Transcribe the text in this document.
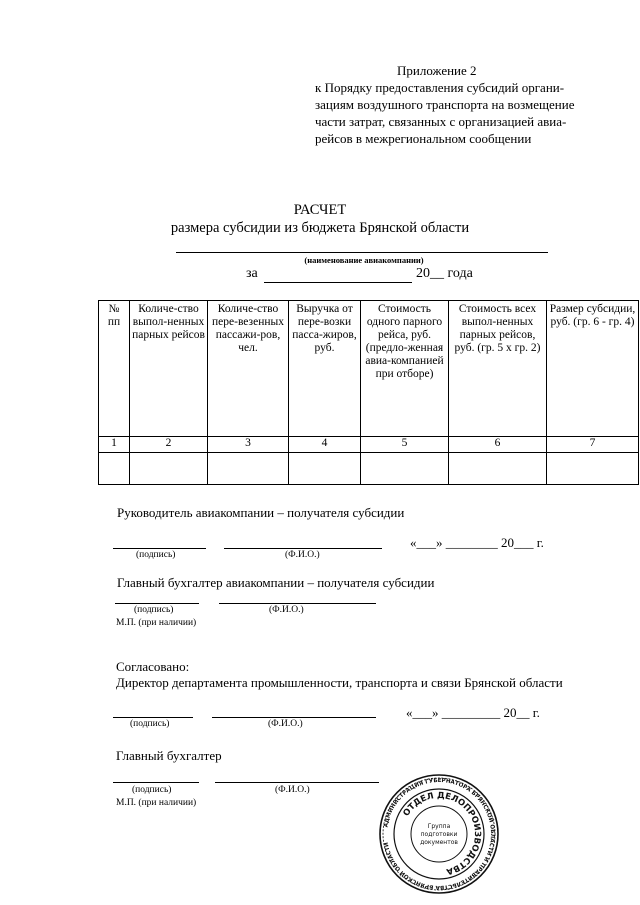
Приложение 2
к Порядку предоставления субсидий органи-
зациям воздушного транспорта на возмещение
части затрат, связанных с организацией авиа-
рейсов в межрегиональном сообщении
РАСЧЕТ
размера субсидии из бюджета Брянской области
(наименование авиакомпании)
за	20__ года
№ пп	Количе-ство выпол-ненных парных рейсов	Количе-ство пере-везенных пассажи-ров, чел.	Выручка от пере-возки пасса-жиров, руб.	Стоимость одного парного рейса, руб. (предло-женная авиа-компанией при отборе)	Стоимость всех выпол-ненных парных рейсов, руб. (гр. 5 х гр. 2)	Размер субсидии, руб. (гр. 6 - гр. 4)
1	2	3	4	5	6	7

Руководитель авиакомпании – получателя субсидии
«___» ________ 20___ г.
(подпись)	(Ф.И.О.)
Главный бухгалтер авиакомпании – получателя субсидии
(подпись)	(Ф.И.О.)
М.П. (при наличии)
Согласовано:
Директор департамента промышленности, транспорта и связи Брянской области
«___» _________ 20__ г.
(подпись)	(Ф.И.О.)
Главный бухгалтер
(подпись)	(Ф.И.О.)
М.П. (при наличии)
АДМИНИСТРАЦИЯ ГУБЕРНАТОРА БРЯНСКОЙ ОБЛАСТИ И ПРАВИТЕЛЬСТВА БРЯНСКОЙ ОБЛАСТИ
ОТДЕЛ ДЕЛОПРОИЗВОДСТВА
Группа
подготовки
документов
